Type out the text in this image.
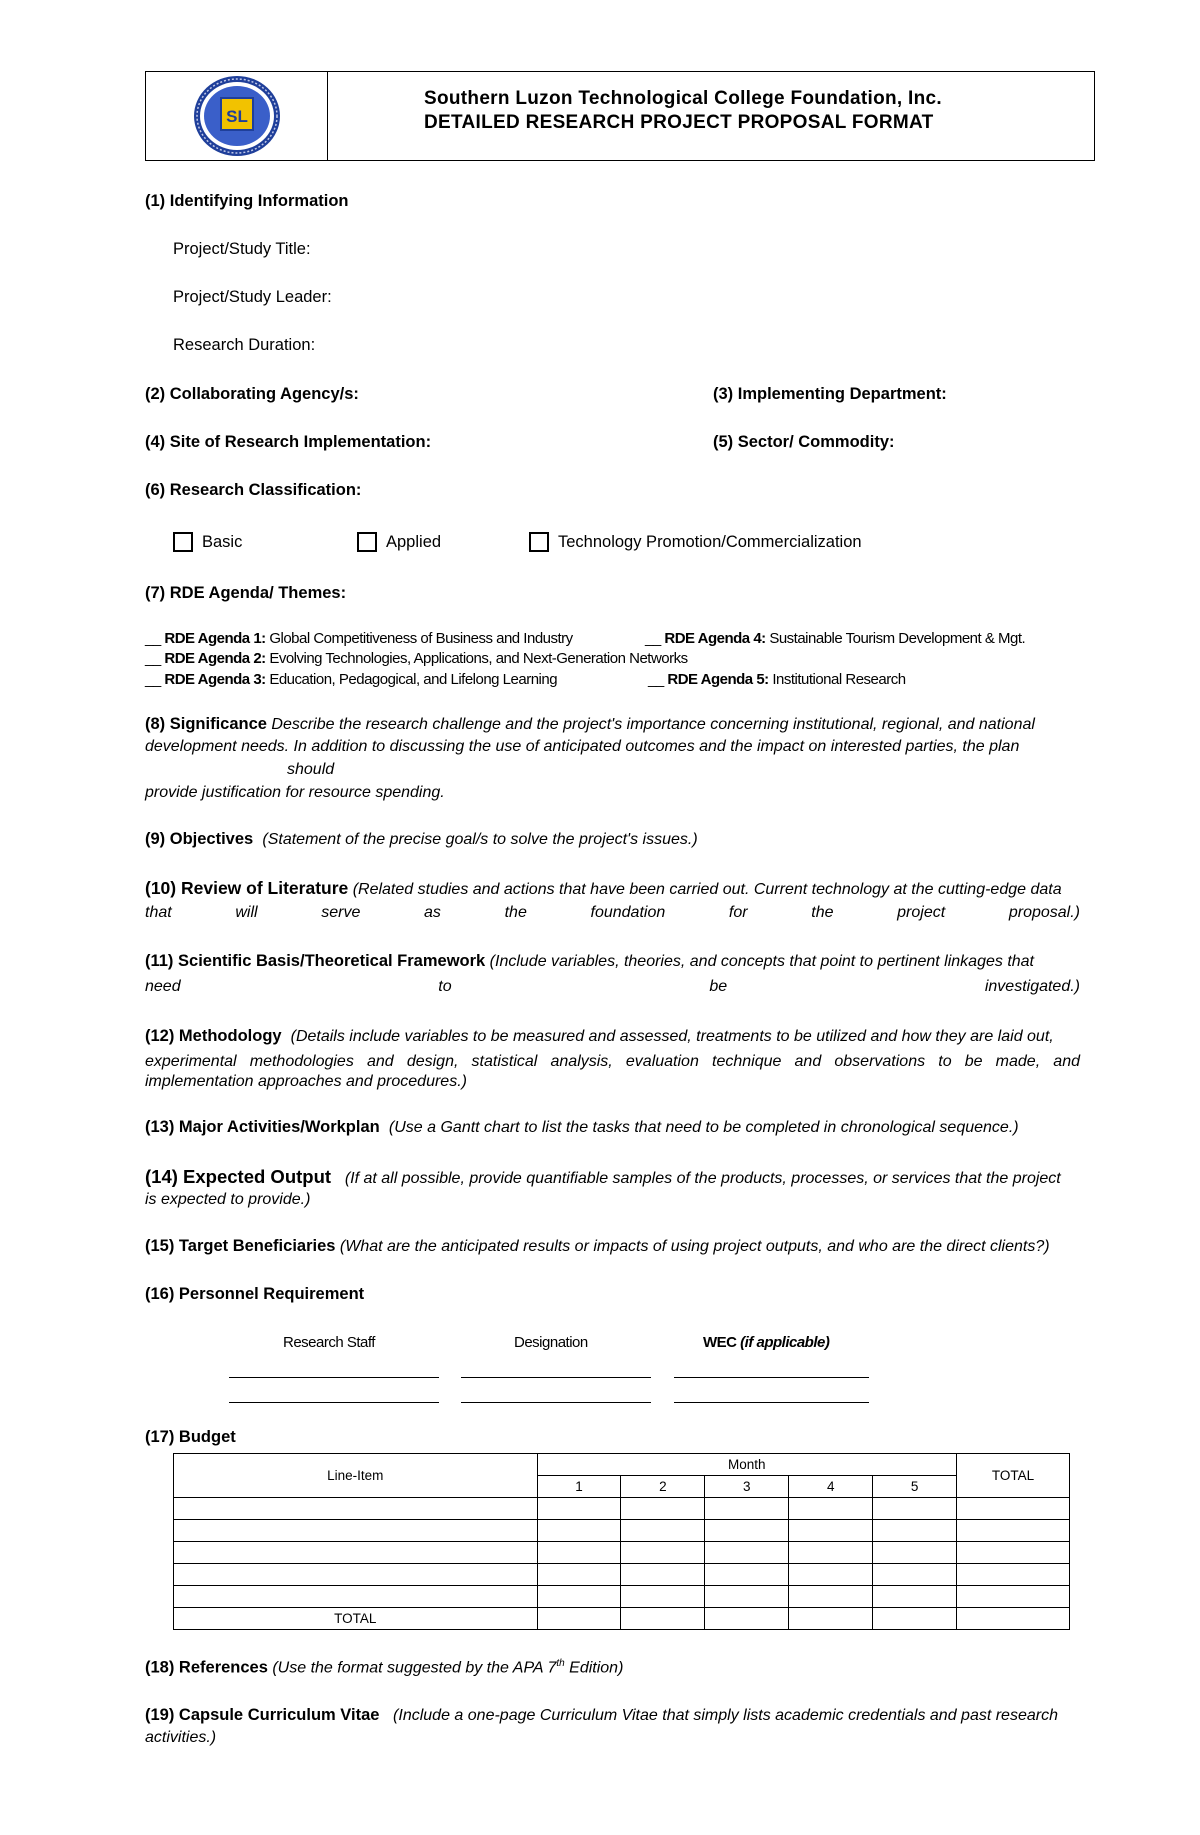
SL
Southern Luzon Technological College Foundation, Inc.
DETAILED RESEARCH PROJECT PROPOSAL FORMAT
(1) Identifying Information
Project/Study Title:
Project/Study Leader:
Research Duration:
(2) Collaborating Agency/s:	(3) Implementing Department:
(4) Site of Research Implementation:	(5) Sector/ Commodity:
(6) Research Classification:
Basic	Applied	Technology Promotion/Commercialization
(7) RDE Agenda/ Themes:
__ RDE Agenda 1: Global Competitiveness of Business and Industry	__ RDE Agenda 4: Sustainable Tourism Development & Mgt.
__ RDE Agenda 2: Evolving Technologies, Applications, and Next-Generation Networks
__ RDE Agenda 3: Education, Pedagogical, and Lifelong Learning	__ RDE Agenda 5: Institutional Research
(8) Significance Describe the research challenge and the project's importance concerning institutional, regional, and national
development needs. In addition to discussing the use of anticipated outcomes and the impact on interested parties, the plan
should
provide justification for resource spending.
(9) Objectives (Statement of the precise goal/s to solve the project's issues.)
(10) Review of Literature (Related studies and actions that have been carried out. Current technology at the cutting-edge data
that will serve as the foundation for the project proposal.)
(11) Scientific Basis/Theoretical Framework (Include variables, theories, and concepts that point to pertinent linkages that
need to be investigated.)
(12) Methodology  (Details include variables to be measured and assessed, treatments to be utilized and how they are laid out,
experimental methodologies and design, statistical analysis, evaluation technique and observations to be made, and
implementation approaches and procedures.)
(13) Major Activities/Workplan (Use a Gantt chart to list the tasks that need to be completed in chronological sequence.)
(14) Expected Output (If at all possible, provide quantifiable samples of the products, processes, or services that the project
is expected to provide.)
(15) Target Beneficiaries (What are the anticipated results or impacts of using project outputs, and who are the direct clients?)
(16) Personnel Requirement
Research Staff	Designation	WEC (if applicable)
(17) Budget
Line-Item	Month					TOTAL
	1	2	3	4	5	

TOTAL						
(18) References (Use the format suggested by the APA 7th Edition)
(19) Capsule Curriculum Vitae   (Include a one-page Curriculum Vitae that simply lists academic credentials and past research
activities.)
